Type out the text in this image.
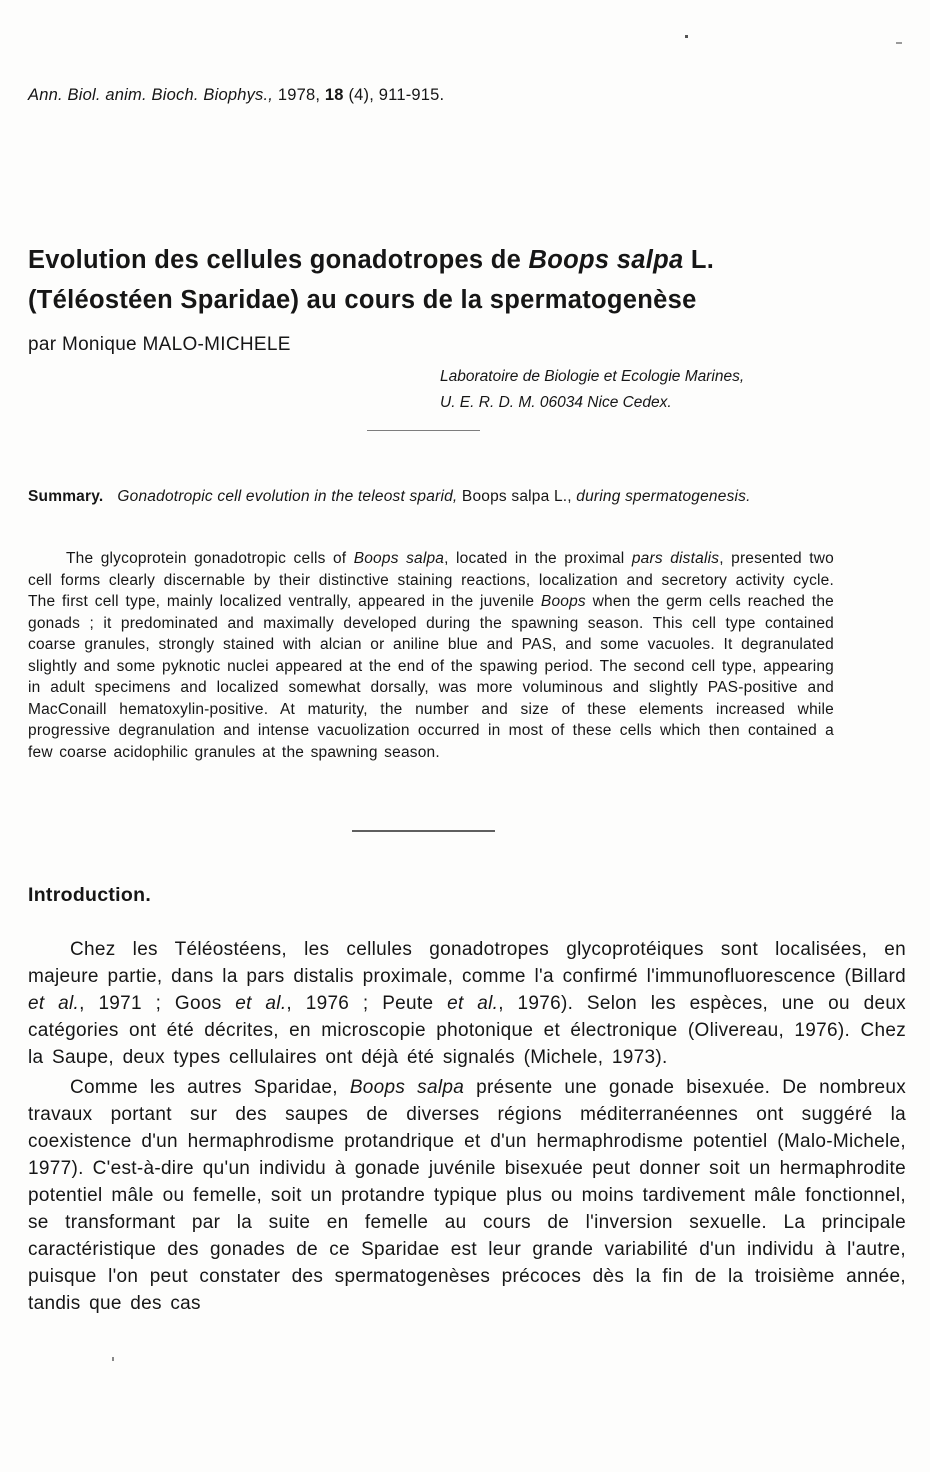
Ann. Biol. anim. Bioch. Biophys., 1978, 18 (4), 911-915.

Evolution des cellules gonadotropes de Boops salpa L.
(Téléostéen Sparidae) au cours de la spermatogenèse

par Monique MALO-MICHELE

Laboratoire de Biologie et Ecologie Marines,
U. E. R. D. M. 06034 Nice Cedex.

Summary. Gonadotropic cell evolution in the teleost sparid, Boops salpa L., during spermatogenesis.

The glycoprotein gonadotropic cells of Boops salpa, located in the proximal pars distalis, presented two cell forms clearly discernable by their distinctive staining reactions, localization and secretory activity cycle. The first cell type, mainly localized ventrally, appeared in the juvenile Boops when the germ cells reached the gonads ; it predominated and maximally developed during the spawning season. This cell type contained coarse granules, strongly stained with alcian or aniline blue and PAS, and some vacuoles. It degranulated slightly and some pyknotic nuclei appeared at the end of the spawing period. The second cell type, appearing in adult specimens and localized somewhat dorsally, was more voluminous and slightly PAS-positive and MacConaill hematoxylin-positive. At maturity, the number and size of these elements increased while progressive degranulation and intense vacuolization occurred in most of these cells which then contained a few coarse acidophilic granules at the spawning season.

Introduction.

Chez les Téléostéens, les cellules gonadotropes glycoprotéiques sont localisées, en majeure partie, dans la pars distalis proximale, comme l'a confirmé l'immunofluorescence (Billard et al., 1971 ; Goos et al., 1976 ; Peute et al., 1976). Selon les espèces, une ou deux catégories ont été décrites, en microscopie photonique et électronique (Olivereau, 1976). Chez la Saupe, deux types cellulaires ont déjà été signalés (Michele, 1973).

Comme les autres Sparidae, Boops salpa présente une gonade bisexuée. De nombreux travaux portant sur des saupes de diverses régions méditerranéennes ont suggéré la coexistence d'un hermaphrodisme protandrique et d'un hermaphrodisme potentiel (Malo-Michele, 1977). C'est-à-dire qu'un individu à gonade juvénile bisexuée peut donner soit un hermaphrodite potentiel mâle ou femelle, soit un protandre typique plus ou moins tardivement mâle fonctionnel, se transformant par la suite en femelle au cours de l'inversion sexuelle. La principale caractéristique des gonades de ce Sparidae est leur grande variabilité d'un individu à l'autre, puisque l'on peut constater des spermatogenèses précoces dès la fin de la troisième année, tandis que des cas
